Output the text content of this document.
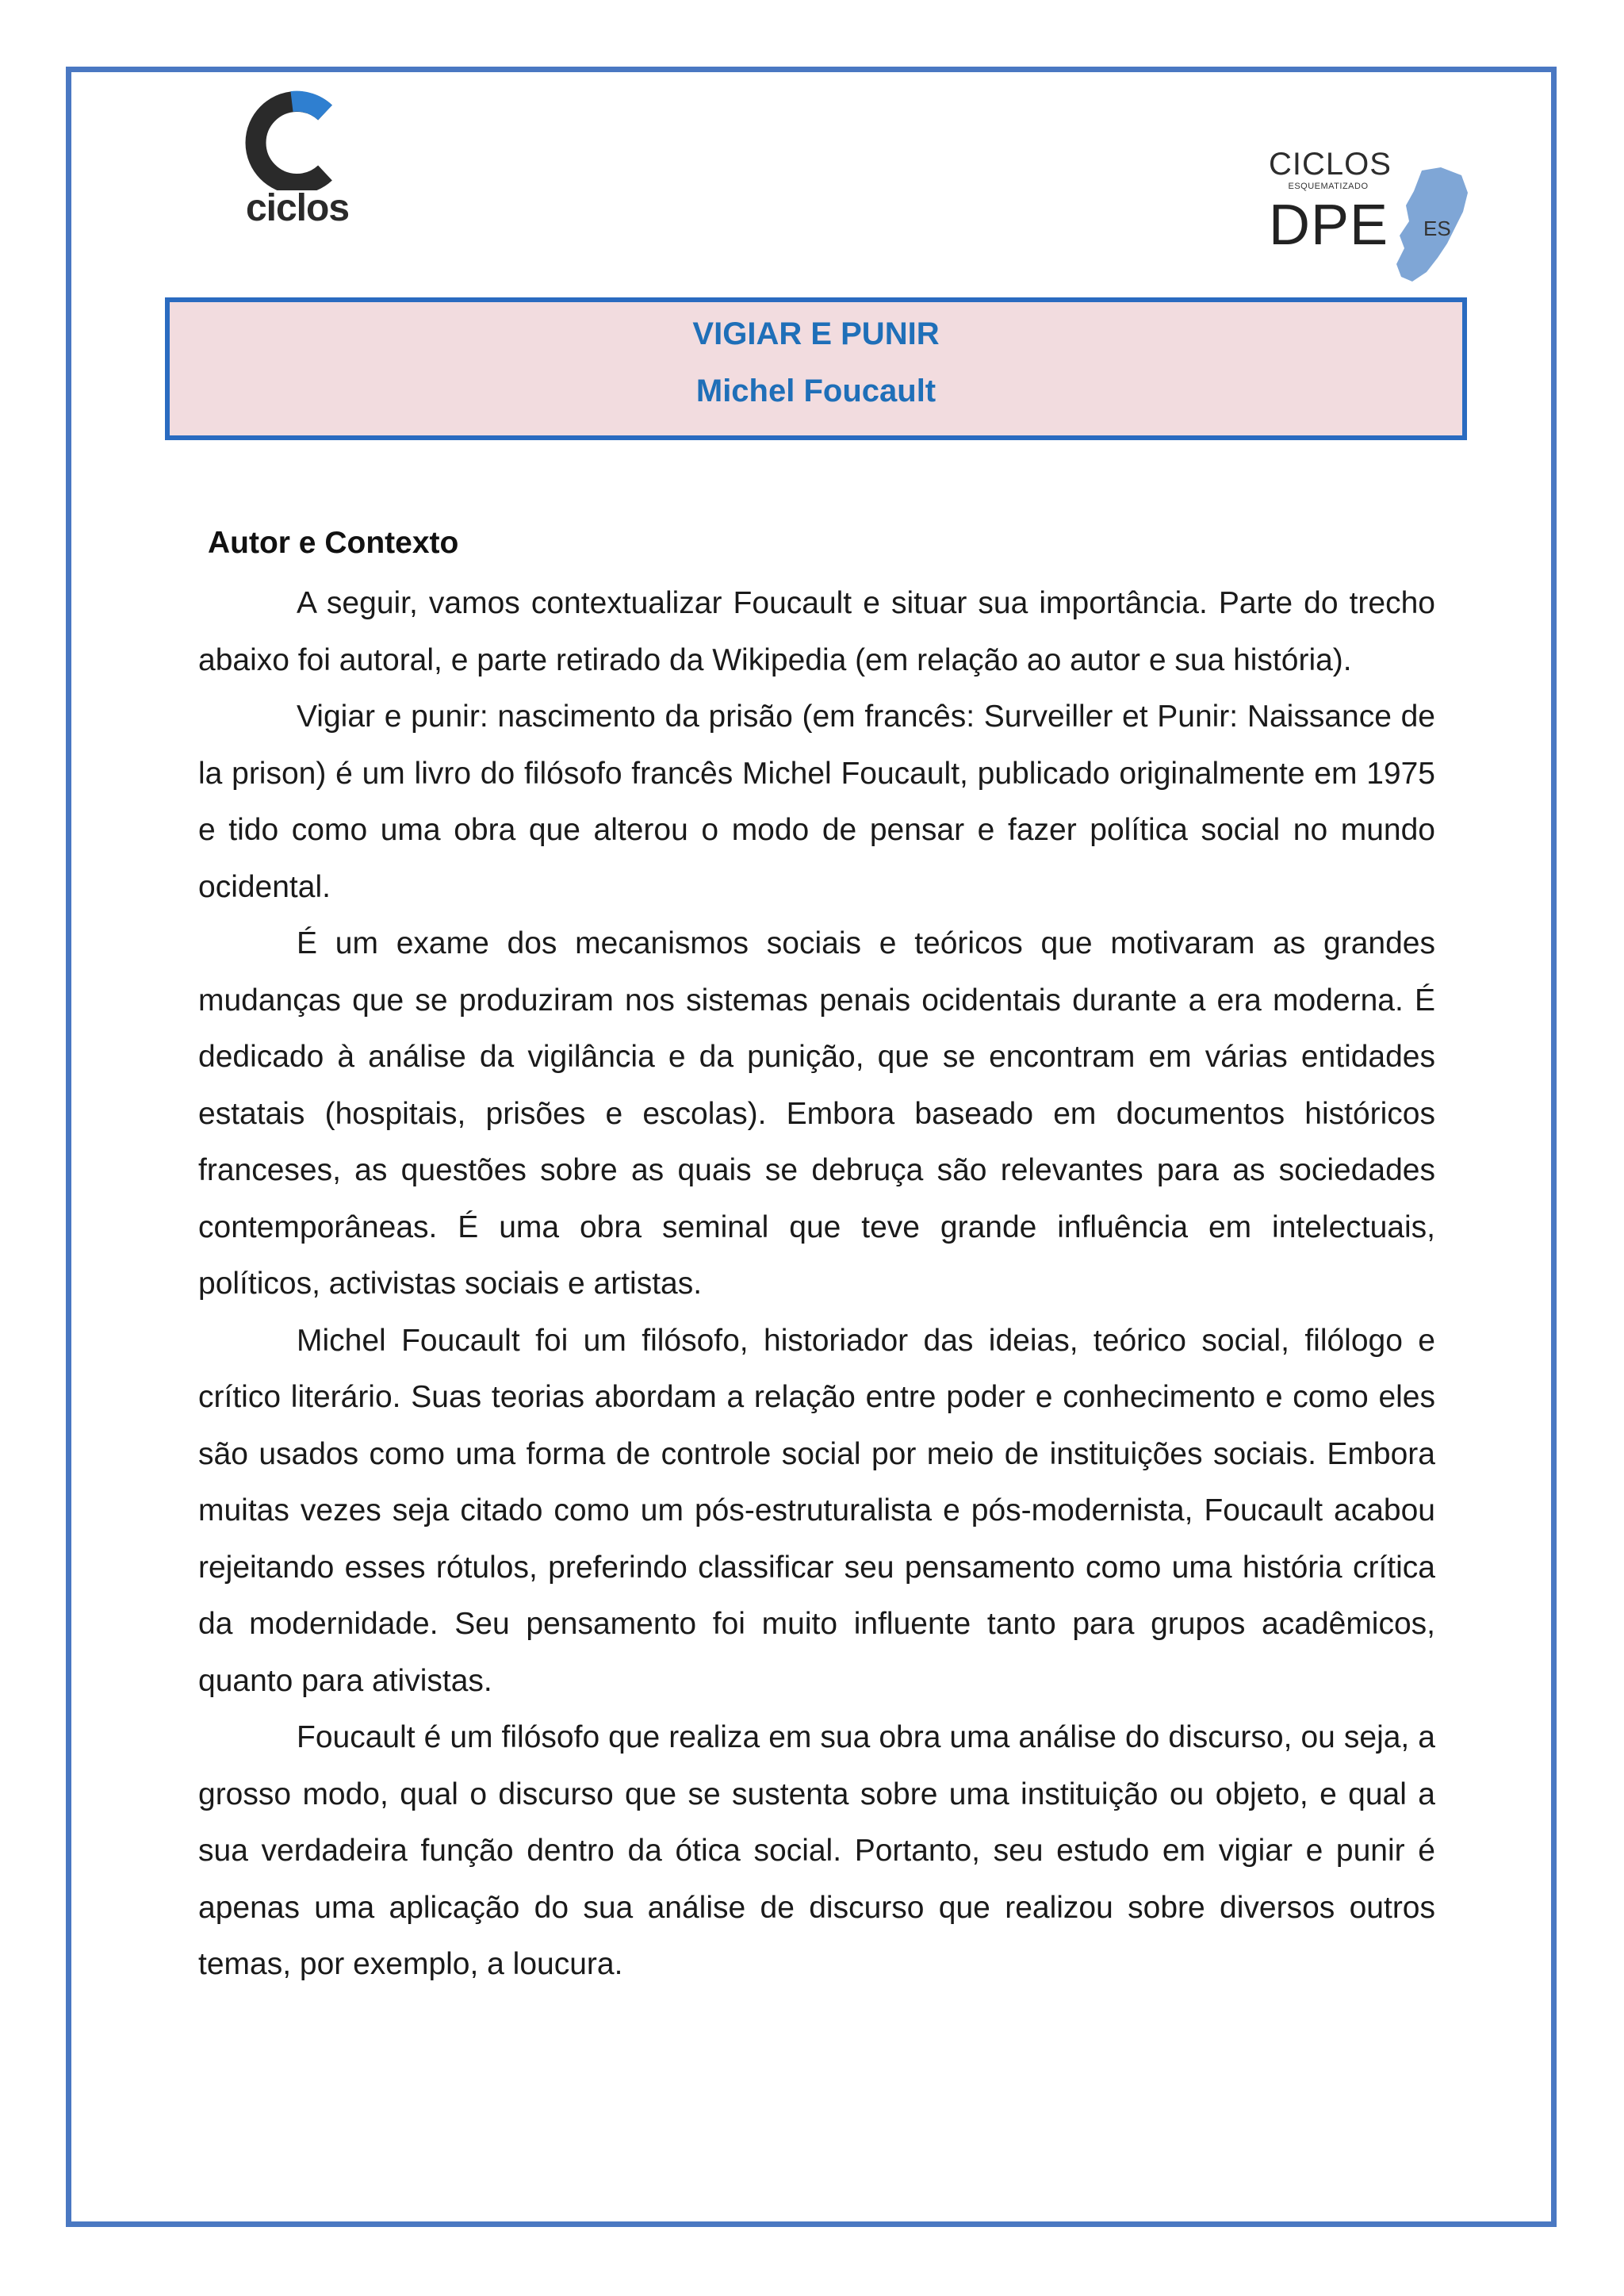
ciclos
CICLOS
ESQUEMATIZADO
DPE ES
VIGIAR E PUNIR
Michel Foucault
Autor e Contexto

A seguir, vamos contextualizar Foucault e situar sua importância. Parte do trecho abaixo foi autoral, e parte retirado da Wikipedia (em relação ao autor e sua história).

Vigiar e punir: nascimento da prisão (em francês: Surveiller et Punir: Naissance de la prison) é um livro do filósofo francês Michel Foucault, publicado originalmente em 1975 e tido como uma obra que alterou o modo de pensar e fazer política social no mundo ocidental.

É um exame dos mecanismos sociais e teóricos que motivaram as grandes mudanças que se produziram nos sistemas penais ocidentais durante a era moderna. É dedicado à análise da vigilância e da punição, que se encontram em várias entidades estatais (hospitais, prisões e escolas). Embora baseado em documentos históricos franceses, as questões sobre as quais se debruça são relevantes para as sociedades contemporâneas. É uma obra seminal que teve grande influência em intelectuais, políticos, activistas sociais e artistas.

Michel Foucault foi um filósofo, historiador das ideias, teórico social, filólogo e crítico literário. Suas teorias abordam a relação entre poder e conhecimento e como eles são usados como uma forma de controle social por meio de instituições sociais. Embora muitas vezes seja citado como um pós-estruturalista e pós-modernista, Foucault acabou rejeitando esses rótulos, preferindo classificar seu pensamento como uma história crítica da modernidade. Seu pensamento foi muito influente tanto para grupos acadêmicos, quanto para ativistas.

Foucault é um filósofo que realiza em sua obra uma análise do discurso, ou seja, a grosso modo, qual o discurso que se sustenta sobre uma instituição ou objeto, e qual a sua verdadeira função dentro da ótica social. Portanto, seu estudo em vigiar e punir é apenas uma aplicação do sua análise de discurso que realizou sobre diversos outros temas, por exemplo, a loucura.
